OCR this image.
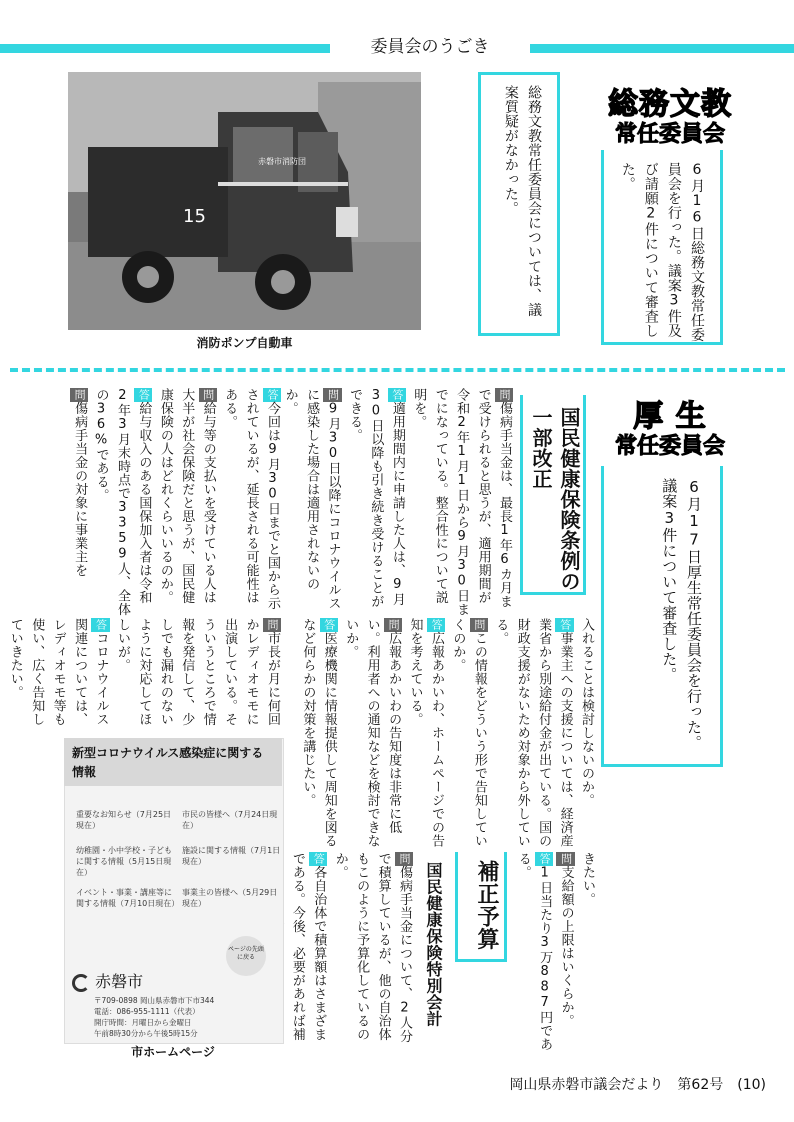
委員会のうごき
15
赤磐市消防団
消防ポンプ自動車
総務文教
常任委員会
6月16日総務文教常任委員会を行った。議案3件及び請願2件について審査した。
総務文教常任委員会については、議案質疑がなかった。
厚 生
常任委員会
6月17日厚生常任委員会を行った。議案3件について審査した。
国民健康保険条例の一部改正
問傷病手当金は、最長1年6カ月まで受けられると思うが、適用期間が令和2年1月1日から9月30日までになっている。整合性について説明を。
答適用期間内に申請した人は、9月30日以降も引き続き受けることができる。
問9月30日以降にコロナウイルスに感染した場合は適用されないのか。
答今回は9月30日までと国から示されているが、延長される可能性はある。
問給与等の支払いを受けている人は大半が社会保険だと思うが、国民健康保険の人はどれくらいいるのか。
答給与収入のある国保加入者は令和2年3月末時点で3359人、全体の36%である。
問傷病手当金の対象に事業主を
入れることは検討しないのか。
答事業主への支援については、経済産業省から別途給付金が出ている。国の財政支援がないため対象から外している。
問この情報をどういう形で告知していくのか。
答広報あかいわ、ホームページでの告知を考えている。
問広報あかいわの告知度は非常に低い。利用者への通知などを検討できないか。
答医療機関に情報提供して周知を図るなど何らかの対策を講じたい。
問市長が月に何回かレディオモモに出演している。そういうところで情報を発信して、少しでも漏れのないように対応してほしいが。
答コロナウイルス関連については、レディオモモ等も使い、広く告知していきたい。
補正予算
国民健康保険特別会計	きたい。
問支給額の上限はいくらか。
答1日当たり3万887円である。
問傷病手当金について、2人分で積算しているが、他の自治体もこのように予算化しているのか。
答各自治体で積算額はさまざまである。今後、必要があれば補
新型コロナウイルス感染症に関する情報
重要なお知らせ（7月25日現在）
市民の皆様へ（7月24日現在）
幼稚園・小中学校・子どもに関する情報（5月15日現在）
施設に関する情報（7月1日現在）
イベント・事業・講座等に関する情報（7月10日現在）
事業主の皆様へ（5月29日現在）
ページの先頭に戻る
赤磐市
〒709-0898 岡山県赤磐市下市344
電話：086-955-1111（代表）
開庁時間：月曜日から金曜日
午前8時30分から午後5時15分
市ホームページ
岡山県赤磐市議会だより　第62号　(10)
